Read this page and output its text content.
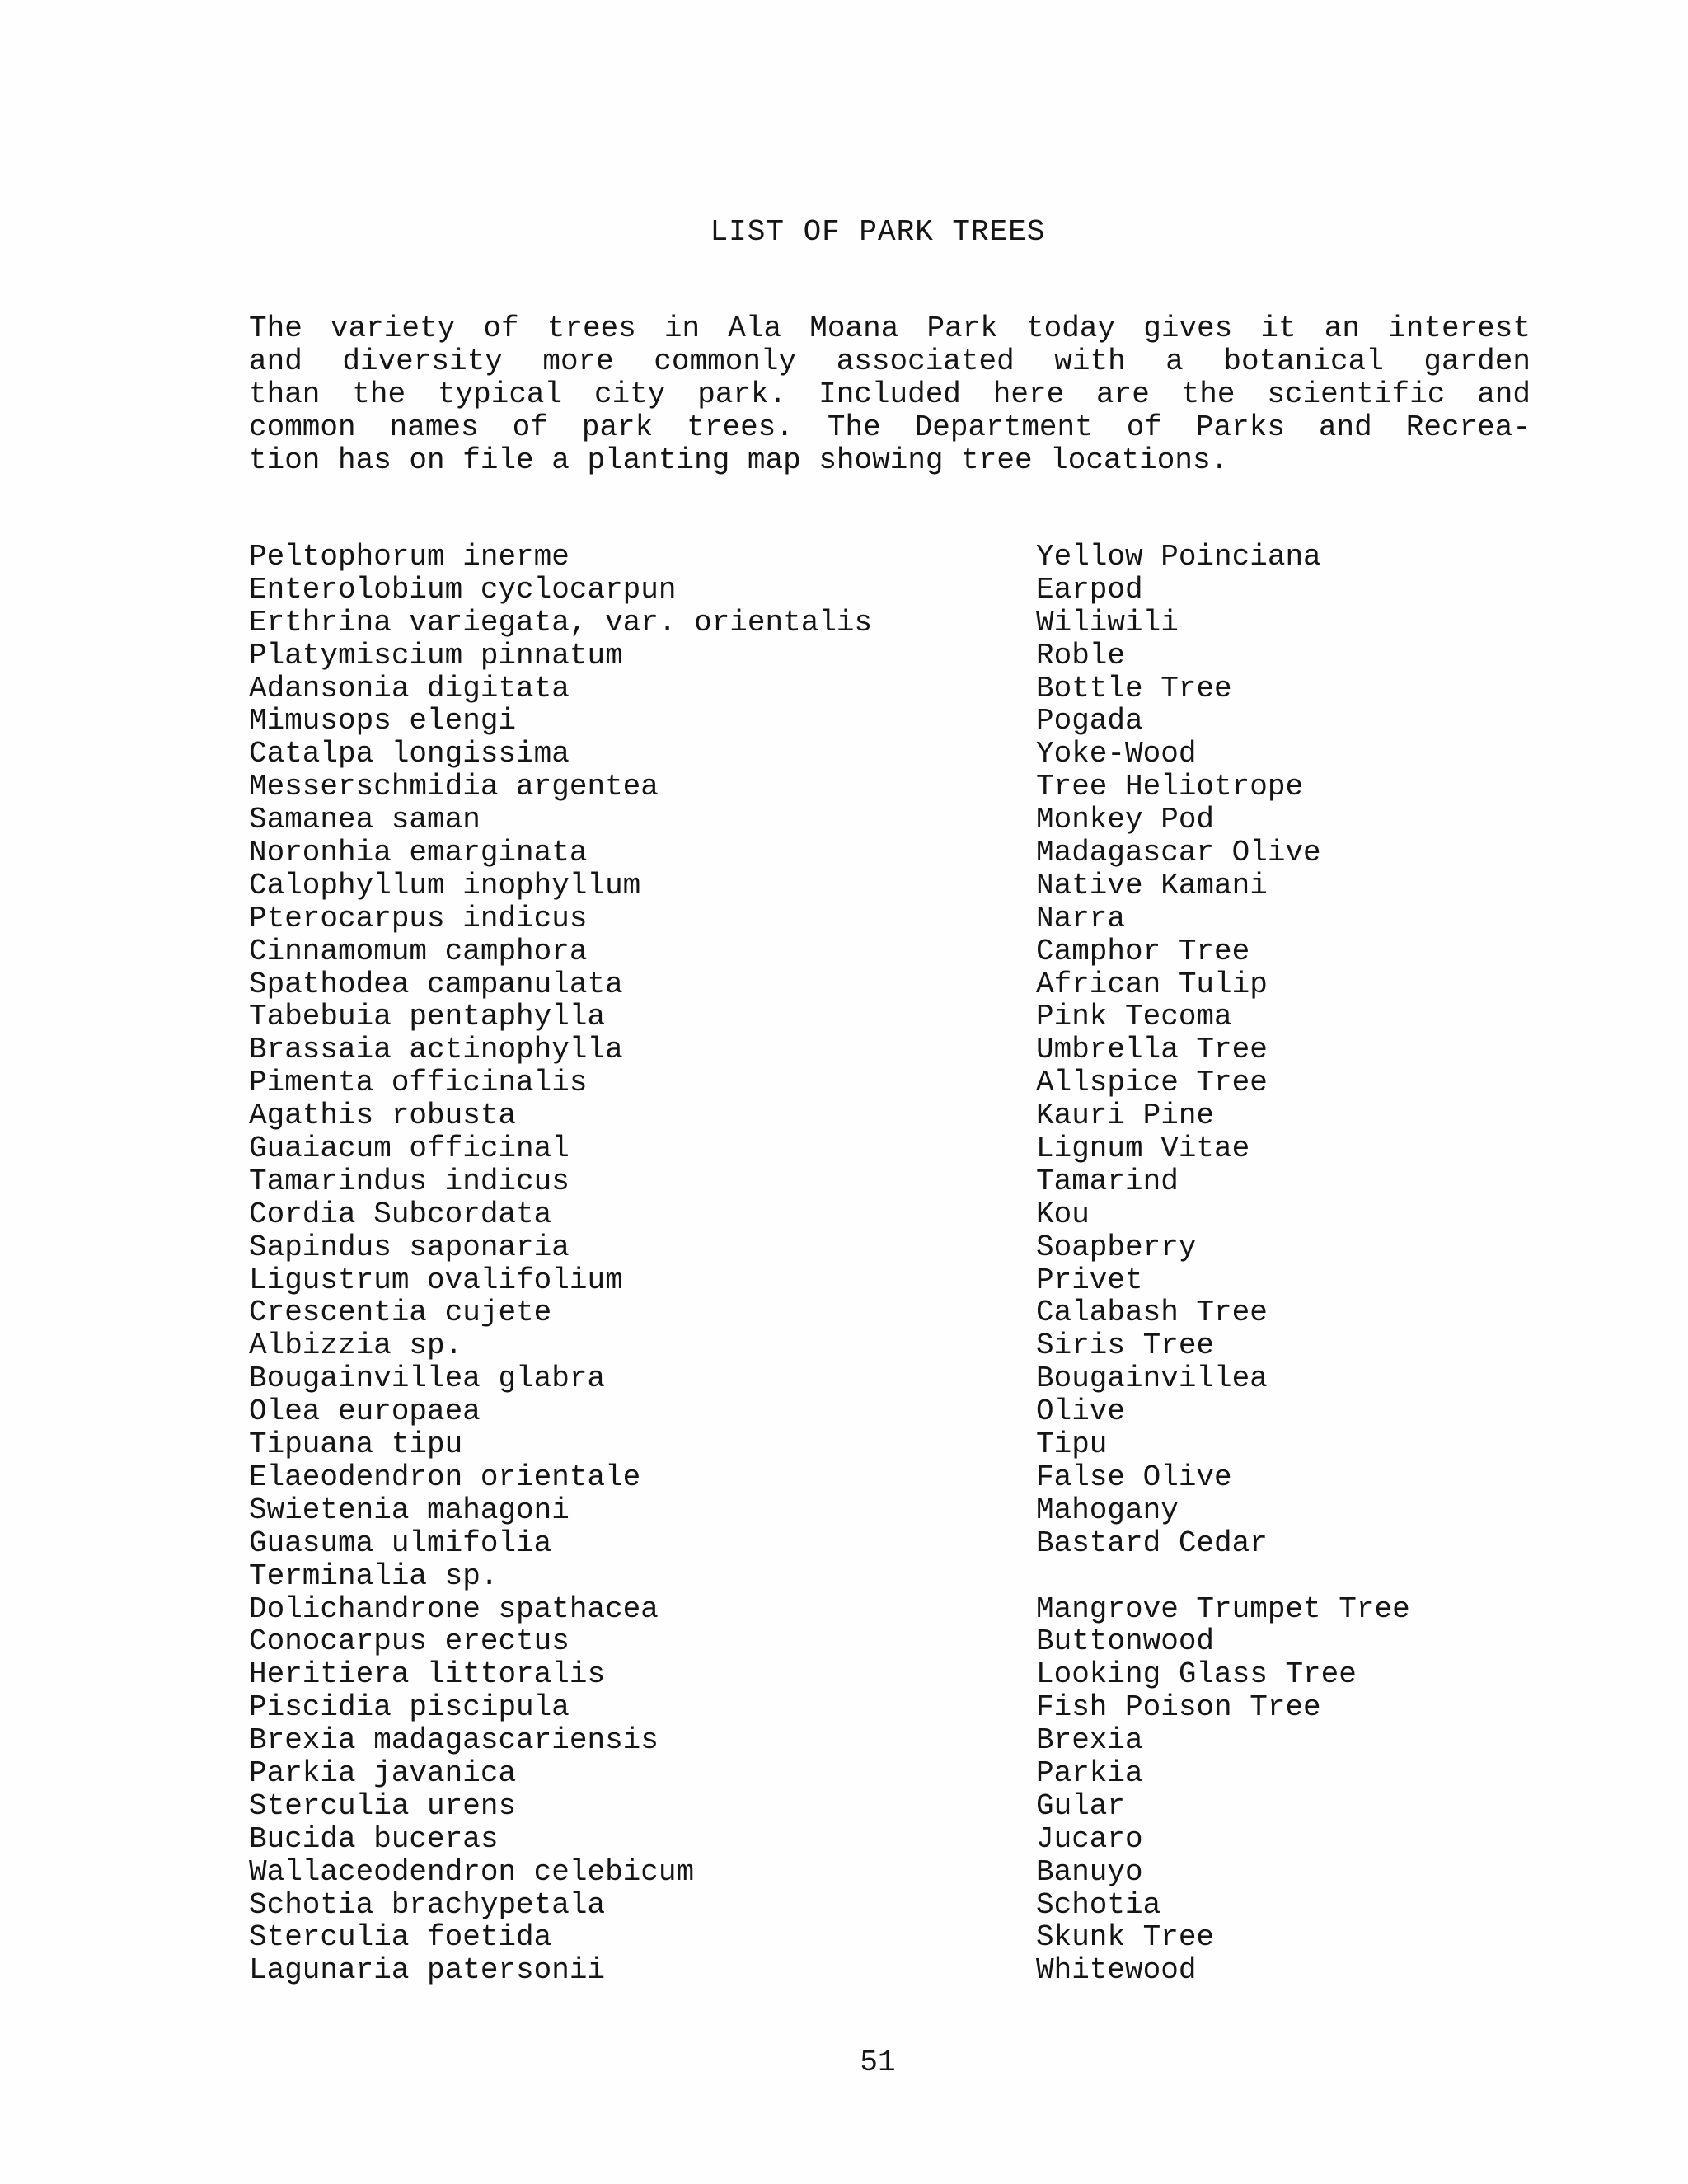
LIST OF PARK TREES
The variety of trees in Ala Moana Park today gives it an interest
and diversity more commonly associated with a botanical garden
than the typical city park. Included here are the scientific and
common names of park trees. The Department of Parks and Recrea-
tion has on file a planting map showing tree locations.
Peltophorum inerme	Yellow Poinciana
Enterolobium cyclocarpun	Earpod
Erthrina variegata, var. orientalis	Wiliwili
Platymiscium pinnatum	Roble
Adansonia digitata	Bottle Tree
Mimusops elengi	Pogada
Catalpa longissima	Yoke-Wood
Messerschmidia argentea	Tree Heliotrope
Samanea saman	Monkey Pod
Noronhia emarginata	Madagascar Olive
Calophyllum inophyllum	Native Kamani
Pterocarpus indicus	Narra
Cinnamomum camphora	Camphor Tree
Spathodea campanulata	African Tulip
Tabebuia pentaphylla	Pink Tecoma
Brassaia actinophylla	Umbrella Tree
Pimenta officinalis	Allspice Tree
Agathis robusta	Kauri Pine
Guaiacum officinal	Lignum Vitae
Tamarindus indicus	Tamarind
Cordia Subcordata	Kou
Sapindus saponaria	Soapberry
Ligustrum ovalifolium	Privet
Crescentia cujete	Calabash Tree
Albizzia sp.	Siris Tree
Bougainvillea glabra	Bougainvillea
Olea europaea	Olive
Tipuana tipu	Tipu
Elaeodendron orientale	False Olive
Swietenia mahagoni	Mahogany
Guasuma ulmifolia	Bastard Cedar
Terminalia sp.
Dolichandrone spathacea	Mangrove Trumpet Tree
Conocarpus erectus	Buttonwood
Heritiera littoralis	Looking Glass Tree
Piscidia piscipula	Fish Poison Tree
Brexia madagascariensis	Brexia
Parkia javanica	Parkia
Sterculia urens	Gular
Bucida buceras	Jucaro
Wallaceodendron celebicum	Banuyo
Schotia brachypetala	Schotia
Sterculia foetida	Skunk Tree
Lagunaria patersonii	Whitewood
51
